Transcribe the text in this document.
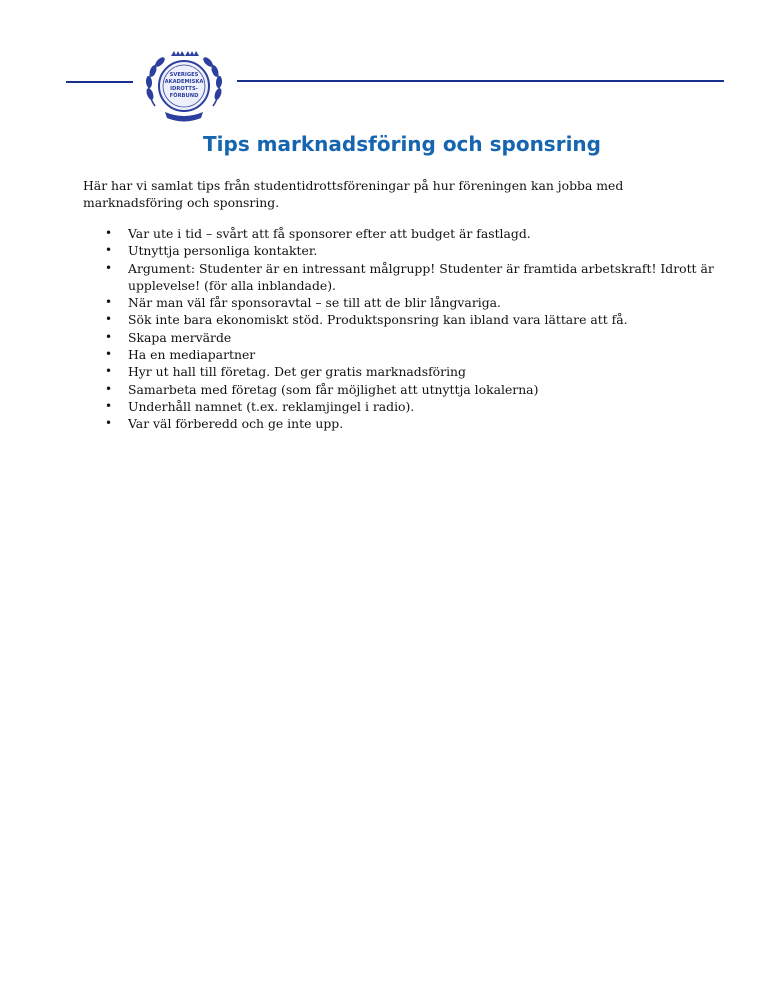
SVERIGES
AKADEMISKA
IDROTTS-
FÖRBUND
Tips marknadsföring och sponsring
Här har vi samlat tips från studentidrottsföreningar på hur föreningen kan jobba med marknadsföring och sponsring.
• Var ute i tid – svårt att få sponsorer efter att budget är fastlagd.
• Utnyttja personliga kontakter.
• Argument: Studenter är en intressant målgrupp! Studenter är framtida arbetskraft! Idrott är upplevelse! (för alla inblandade).
• När man väl får sponsoravtal – se till att de blir långvariga.
• Sök inte bara ekonomiskt stöd. Produktsponsring kan ibland vara lättare att få.
• Skapa mervärde
• Ha en mediapartner
• Hyr ut hall till företag. Det ger gratis marknadsföring
• Samarbeta med företag (som får möjlighet att utnyttja lokalerna)
• Underhåll namnet (t.ex. reklamjingel i radio).
• Var väl förberedd och ge inte upp.
